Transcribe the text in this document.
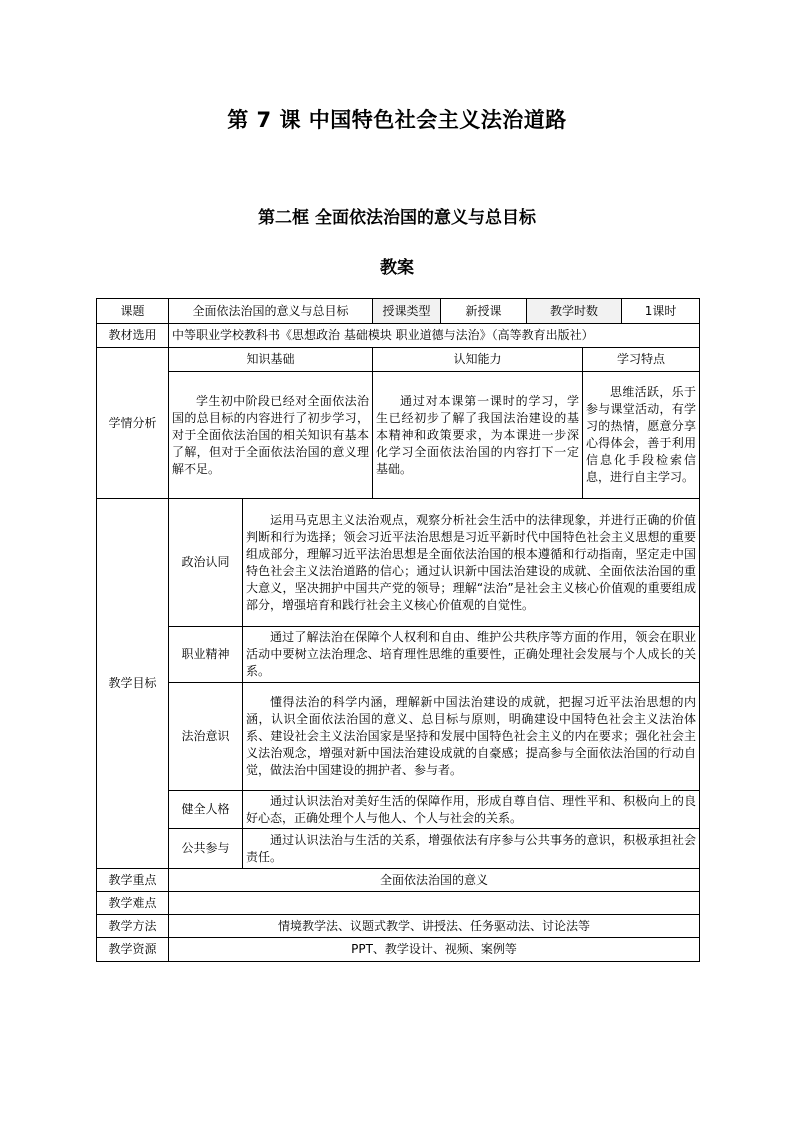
第 7 课 中国特色社会主义法治道路
第二框 全面依法治国的意义与总目标
教案
课题	全面依法治国的意义与总目标		授课类型	新授课	教学时数		1课时
教材选用	中等职业学校教科书《思想政治 基础模块 职业道德与法治》（高等教育出版社）						
学情分析	知识基础		认知能力			学习特点	

	学生初中阶段已经对全面依法治国的总目标的内容进行了初步学习，对于全面依法治国的相关知识有基本了解，但对于全面依法治国的意义理解不足。		通过对本课第一课时的学习，学生已经初步了解了我国法治建设的基本精神和政策要求，为本课进一步深化学习全面依法治国的内容打下一定基础。			思维活跃，乐于参与课堂活动，有学习的热情，愿意分享心得体会，善于利用信息化手段检索信息，进行自主学习。	

教学目标	政治认同	运用马克思主义法治观点，观察分析社会生活中的法律现象，并进行正确的价值判断和行为选择；领会习近平法治思想是习近平新时代中国特色社会主义思想的重要组成部分，理解习近平法治思想是全面依法治国的根本遵循和行动指南，坚定走中国特色社会主义法治道路的信心；通过认识新中国法治建设的成就、全面依法治国的重大意义，坚决拥护中国共产党的领导；理解“法治”是社会主义核心价值观的重要组成部分，增强培育和践行社会主义核心价值观的自觉性。					

	职业精神	通过了解法治在保障个人权利和自由、维护公共秩序等方面的作用，领会在职业活动中要树立法治理念、培育理性思维的重要性，正确处理社会发展与个人成长的关系。					

	法治意识	懂得法治的科学内涵，理解新中国法治建设的成就，把握习近平法治思想的内涵，认识全面依法治国的意义、总目标与原则，明确建设中国特色社会主义法治体系、建设社会主义法治国家是坚持和发展中国特色社会主义的内在要求；强化社会主义法治观念，增强对新中国法治建设成就的自豪感；提高参与全面依法治国的行动自觉，做法治中国建设的拥护者、参与者。					

	健全人格	通过认识法治对美好生活的保障作用，形成自尊自信、理性平和、积极向上的良好心态，正确处理个人与他人、个人与社会的关系。					

	公共参与	通过认识法治与生活的关系，增强依法有序参与公共事务的意识，积极承担社会责任。					

教学重点	全面依法治国的意义						
教学难点							
教学方法	情境教学法、议题式教学、讲授法、任务驱动法、讨论法等						
教学资源	PPT、教学设计、视频、案例等						
